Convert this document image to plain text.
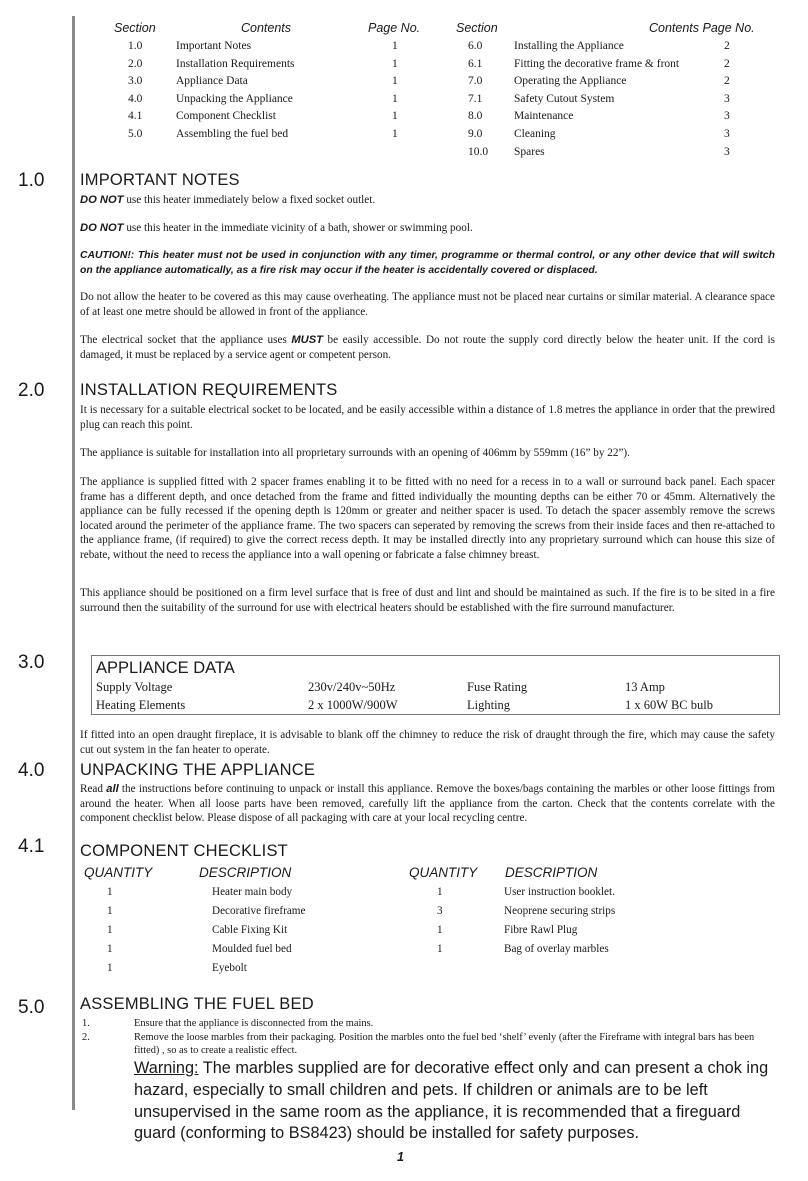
Section	Contents	Page No.
1.0	Important Notes	1
2.0	Installation Requirements	1
3.0	Appliance Data	1
4.0	Unpacking the Appliance	1
4.1	Component Checklist	1
5.0	Assembling the fuel bed	1
Section	Contents Page No.
6.0	Installing the Appliance	2
6.1	Fitting the decorative frame & front	2
7.0	Operating the Appliance	2
7.1	Safety Cutout System	3
8.0	Maintenance	3
9.0	Cleaning	3
10.0 Spares	3
1.0 IMPORTANT NOTES
DO NOT use this heater immediately below a fixed socket outlet.
DO NOT use this heater in the immediate vicinity of a bath, shower or swimming pool.
CAUTION!: This heater must not be used in conjunction with any timer, programme or thermal control, or any other device that will switch on the appliance automatically, as a fire risk may occur if the heater is accidentally covered or displaced.
Do not allow the heater to be covered as this may cause overheating. The appliance must not be placed near curtains or similar material. A clearance space of at least one metre should be allowed in front of the appliance.
The electrical socket that the appliance uses MUST be easily accessible. Do not route the supply cord directly below the heater unit. If the cord is damaged, it must be replaced by a service agent or competent person.
2.0 INSTALLATION REQUIREMENTS
It is necessary for a suitable electrical socket to be located, and be easily accessible within a distance of 1.8 metres the appliance in order that the prewired plug can reach this point.
The appliance is suitable for installation into all proprietary surrounds with an opening of 406mm by 559mm (16” by 22”).
The appliance is supplied fitted with 2 spacer frames enabling it to be fitted with no need for a recess in to a wall or surround back panel. Each spacer frame has a different depth, and once detached from the frame and fitted individually the mounting depths can be either 70 or 45mm. Alternatively the appliance can be fully recessed if the opening depth is 120mm or greater and neither spacer is used. To detach the spacer assembly remove the screws located around the perimeter of the appliance frame. The two spacers can seperated by removing the screws from their inside faces and then re-attached to the appliance frame, (if required) to give the correct recess depth. It may be installed directly into any proprietary surround which can house this size of rebate, without the need to recess the appliance into a wall opening or fabricate a false chimney breast.
This appliance should be positioned on a firm level surface that is free of dust and lint and should be maintained as such. If the fire is to be sited in a fire surround then the suitability of the surround for use with electrical heaters should be established with the fire surround manufacturer.
3.0	APPLIANCE DATA
Supply Voltage	230v/240v~50Hz	Fuse Rating	13 Amp
Heating Elements	2 x 1000W/900W	Lighting	1 x 60W BC bulb
If fitted into an open draught fireplace, it is advisable to blank off the chimney to reduce the risk of draught through the fire, which may cause the safety cut out system in the fan heater to operate.
4.0 UNPACKING THE APPLIANCE
Read all the instructions before continuing to unpack or install this appliance. Remove the boxes/bags containing the marbles or other loose fittings from around the heater. When all loose parts have been removed, carefully lift the appliance from the carton. Check that the contents correlate with the component checklist below. Please dispose of all packaging with care at your local recycling centre.
4.1 COMPONENT CHECKLIST
QUANTITY	DESCRIPTION	QUANTITY DESCRIPTION
1	Heater main body
1	Decorative fireframe
1	Cable Fixing Kit
1	Moulded fuel bed
1	Eyebolt
1	User instruction booklet.
3	Neoprene securing strips
1	Fibre Rawl Plug
1	Bag of overlay marbles
5.0 ASSEMBLING THE FUEL BED
1.	Ensure that the appliance is disconnected from the mains.
2.	Remove the loose marbles from their packaging. Position the marbles onto the fuel bed ‘shelf’ evenly (after the Fireframe with integral bars has been fitted) , so as to create a realistic effect.
Warning: The marbles supplied are for decorative effect only and can present a chok ing hazard, especially to small children and pets. If children or animals are to be left unsupervised in the same room as the appliance, it is recommended that a fireguard guard (conforming to BS8423) should be installed for safety purposes.
1
